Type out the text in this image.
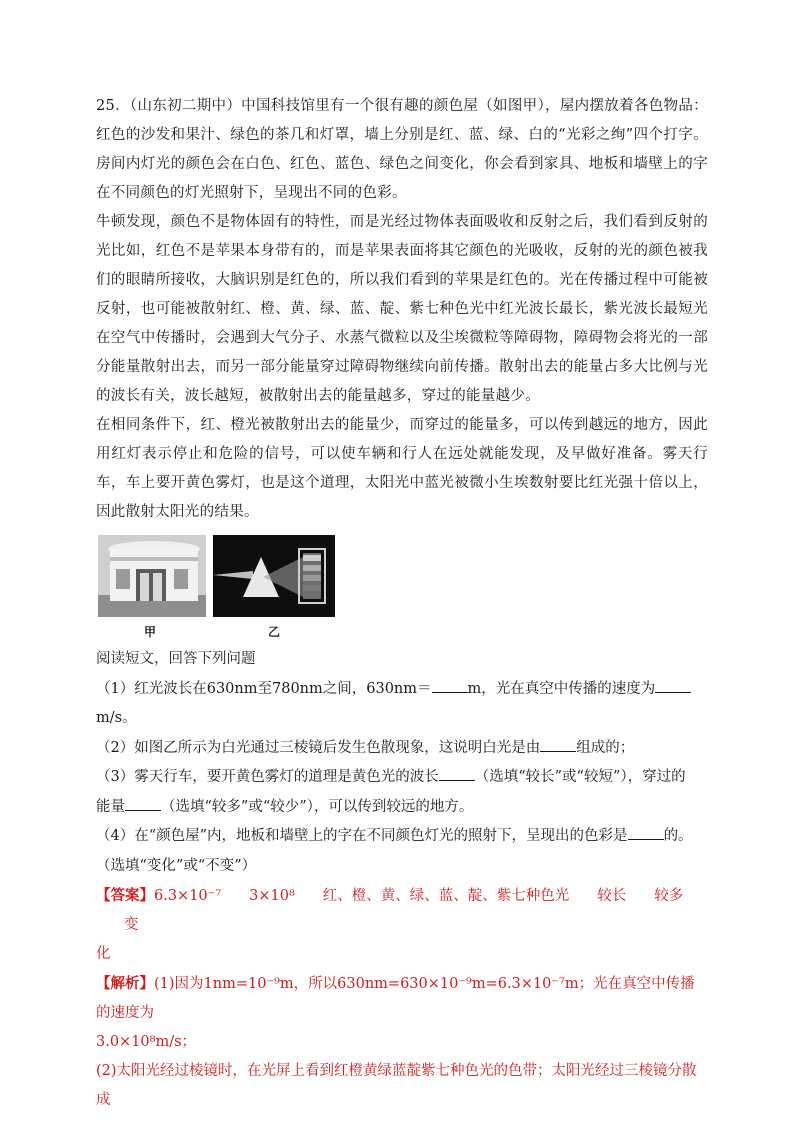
25．（山东初二期中）中国科技馆里有一个很有趣的颜色屋（如图甲），屋内摆放着各色物品：红色的沙发和果汁、绿色的茶几和灯罩，墙上分别是红、蓝、绿、白的“光彩之绚”四个打字。房间内灯光的颜色会在白色、红色、蓝色、绿色之间变化，你会看到家具、地板和墙壁上的字在不同颜色的灯光照射下，呈现出不同的色彩。

牛顿发现，颜色不是物体固有的特性，而是光经过物体表面吸收和反射之后，我们看到反射的光比如，红色不是苹果本身带有的，而是苹果表面将其它颜色的光吸收，反射的光的颜色被我们的眼睛所接收，大脑识别是红色的，所以我们看到的苹果是红色的。光在传播过程中可能被反射，也可能被散射红、橙、黄、绿、蓝、靛、紫七种色光中红光波长最长，紫光波长最短光在空气中传播时，会遇到大气分子、水蒸气微粒以及尘埃微粒等障碍物，障碍物会将光的一部分能量散射出去，而另一部分能量穿过障碍物继续向前传播。散射出去的能量占多大比例与光的波长有关，波长越短，被散射出去的能量越多，穿过的能量越少。

在相同条件下，红、橙光被散射出去的能量少，而穿过的能量多，可以传到越远的地方，因此用红灯表示停止和危险的信号，可以使车辆和行人在远处就能发现，及早做好准备。雾天行车，车上要开黄色雾灯，也是这个道理，太阳光中蓝光被微小生埃数射要比红光强十倍以上，因此散射太阳光的结果。

甲	乙

阅读短文，回答下列问题

（1）红光波长在630nm至780nm之间，630nm＝ m，光在真空中传播的速度为m/s。

（2）如图乙所示为白光通过三棱镜后发生色散现象，这说明白光是由 组成的；

（3）雾天行车，要开黄色雾灯的道理是黄色光的波长 （选填“较长”或“较短”），穿过的

能量 （选填“较多”或“较少”），可以传到较远的地方。

（4）在“颜色屋”内，地板和墙壁上的字在不同颜色灯光的照射下，呈现出的色彩是 的。

（选填“变化”或“不变”）

【答案】6.3×10⁻⁷ 3×10⁸ 红、橙、黄、绿、蓝、靛、紫七种色光 较长 较多变

化

【解析】(1)因为1nm=10⁻⁹m，所以630nm=630×10⁻⁹m=6.3×10⁻⁷m；光在真空中传播的速度为

3.0×10⁸m/s；

(2)太阳光经过棱镜时，在光屏上看到红橙黄绿蓝靛紫七种色光的色带；太阳光经过三棱镜分散成
